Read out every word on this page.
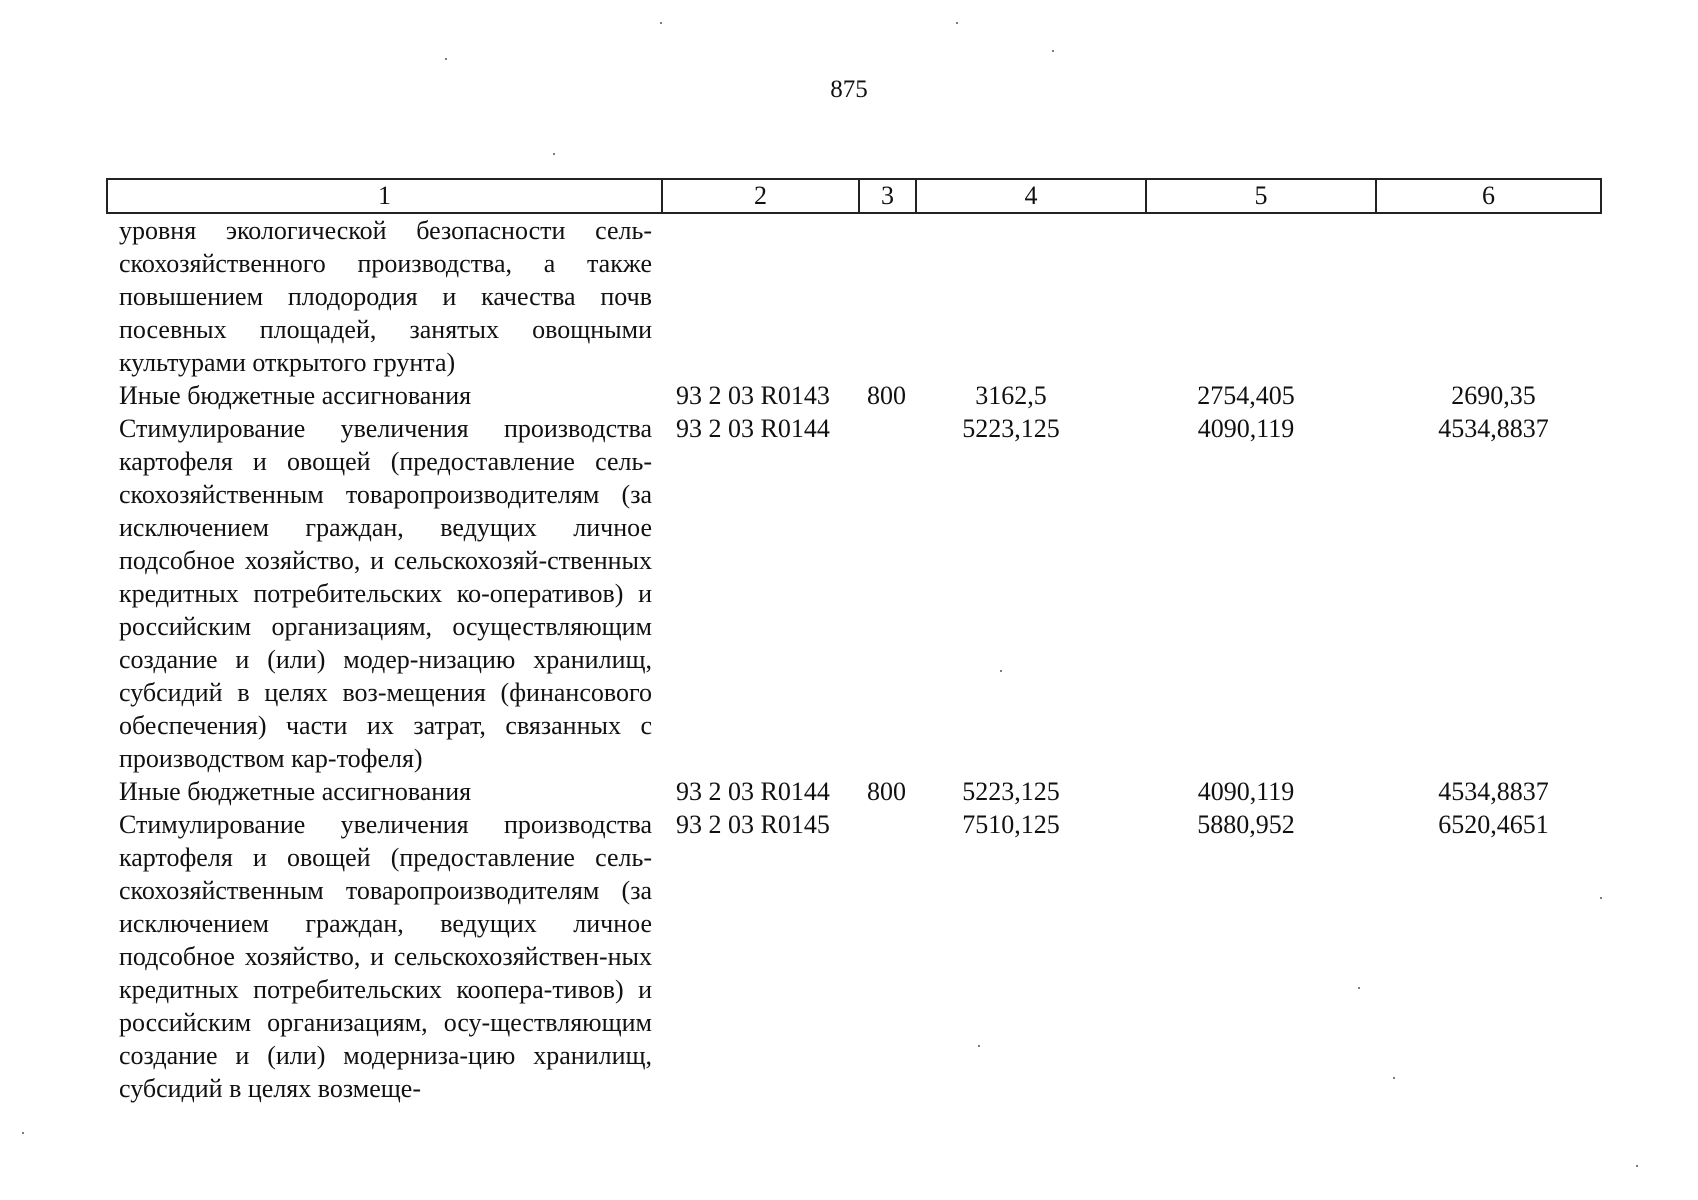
875
1	2	3	4	5	6
уровня экологической безопасности сель-скохозяйственного производства, а также повышением плодородия и качества почв посевных площадей, занятых овощными культурами открытого грунта)					
Иные бюджетные ассигнования	93 2 03 R0143	800	3162,5	2754,405	2690,35
Стимулирование увеличения производства картофеля и овощей (предоставление сель-скохозяйственным товаропроизводителям (за исключением граждан, ведущих личное подсобное хозяйство, и сельскохозяй-ственных кредитных потребительских ко-оперативов) и российским организациям, осуществляющим создание и (или) модер-низацию хранилищ, субсидий в целях воз-мещения (финансового обеспечения) части их затрат, связанных с производством кар-тофеля)	93 2 03 R0144		5223,125	4090,119	4534,8837
Иные бюджетные ассигнования	93 2 03 R0144	800	5223,125	4090,119	4534,8837
Стимулирование увеличения производства картофеля и овощей (предоставление сель-скохозяйственным товаропроизводителям (за исключением граждан, ведущих личное подсобное хозяйство, и сельскохозяйствен-ных кредитных потребительских коопера-тивов) и российским организациям, осу-ществляющим создание и (или) модерниза-цию хранилищ, субсидий в целях возмеще-	93 2 03 R0145		7510,125	5880,952	6520,4651
